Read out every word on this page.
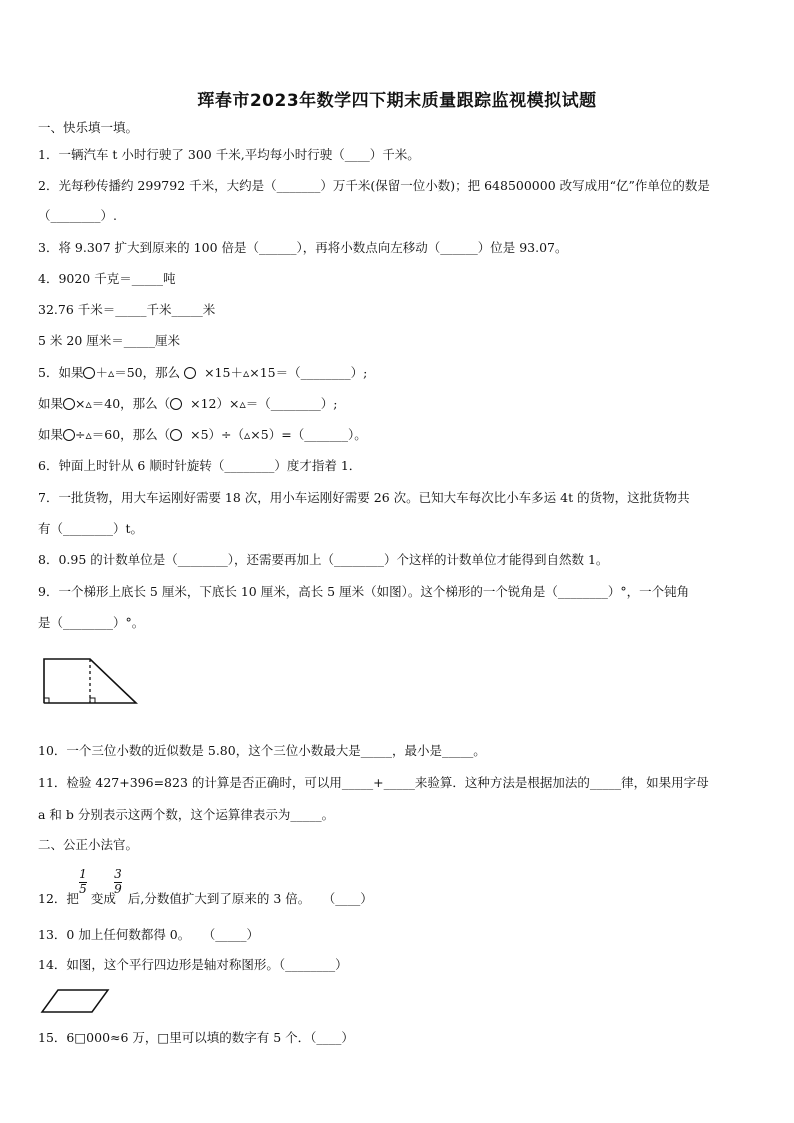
珲春市2023年数学四下期末质量跟踪监视模拟试题
一、快乐填一填。
1．一辆汽车 t 小时行驶了 300 千米,平均每小时行驶（____）千米。
2．光每秒传播约 299792 千米，大约是（_______）万千米(保留一位小数)；把 648500000 改写成用“亿”作单位的数是
（________）.
3．将 9.307 扩大到原来的 100 倍是（______），再将小数点向左移动（______）位是 93.07。
4．9020 千克＝_____吨
32.76 千米＝_____千米_____米
5 米 20 厘米＝_____厘米
5．如果 ＋▵＝50，那么 ×15＋▵×15＝（________）;
如果 ×▵＝40，那么（ ×12）×▵＝（________）;
如果 ÷▵＝60，那么（ ×5）÷（▵×5）=（_______）。
6．钟面上时针从 6 顺时针旋转（________）度才指着 1．
7．一批货物，用大车运刚好需要 18 次，用小车运刚好需要 26 次。已知大车每次比小车多运 4t 的货物，这批货物共
有（________）t。
8．0.95 的计数单位是（________），还需要再加上（________）个这样的计数单位才能得到自然数 1。
9．一个梯形上底长 5 厘米，下底长 10 厘米，高长 5 厘米（如图）。这个梯形的一个锐角是（________）°，一个钝角
是（________）°。
10．一个三位小数的近似数是 5.80，这个三位小数最大是_____，最小是_____。
11．检验 427+396=823 的计算是否正确时，可以用_____+_____来验算．这种方法是根据加法的_____律，如果用字母
a 和 b 分别表示这两个数，这个运算律表示为_____。
二、公正小法官。
1
5
3
9
12．把 变成 后,分数值扩大到了原来的 3 倍。　　（____）
13．0 加上任何数都得 0。　　（_____）
14．如图，这个平行四边形是轴对称图形。（________）
15．6□000≈6 万，□里可以填的数字有 5 个．（____）
